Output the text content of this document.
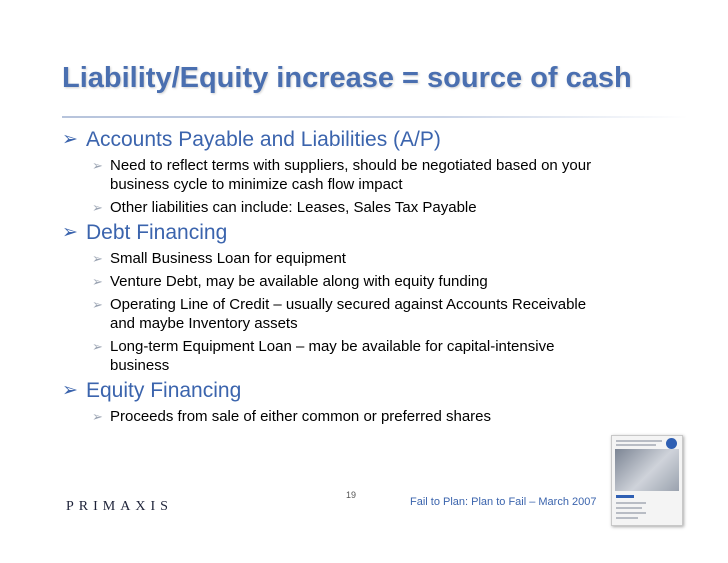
Liability/Equity increase = source of cash
➢ Accounts Payable and Liabilities (A/P)
➢ Need to reflect terms with suppliers, should be negotiated based on your
business cycle to minimize cash flow impact
➢ Other liabilities can include: Leases, Sales Tax Payable
➢ Debt Financing
➢ Small Business Loan for equipment
➢ Venture Debt, may be available along with equity funding
➢ Operating Line of Credit – usually secured against Accounts Receivable
and maybe Inventory assets
➢ Long-term Equipment Loan – may be available for capital-intensive
business
➢ Equity Financing
➢ Proceeds from sale of either common or preferred shares
PRIMAXIS
19
Fail to Plan: Plan to Fail – March 2007
